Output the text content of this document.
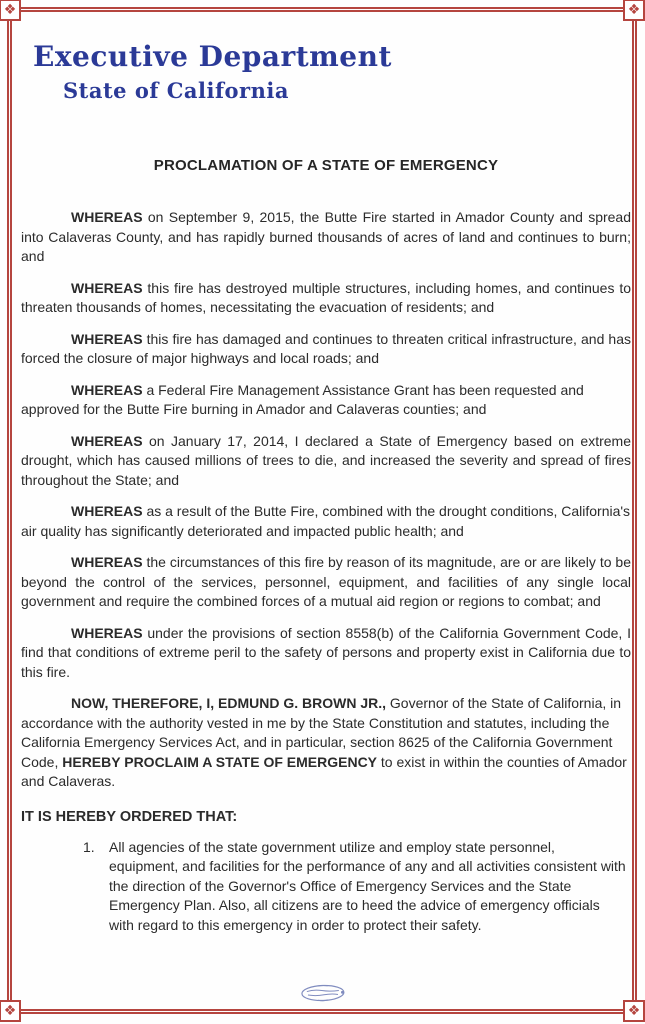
❖	❖
❖	❖
Executive Department
State of California
PROCLAMATION OF A STATE OF EMERGENCY

WHEREAS on September 9, 2015, the Butte Fire started in Amador County and spread into Calaveras County, and has rapidly burned thousands of acres of land and continues to burn; and

WHEREAS this fire has destroyed multiple structures, including homes, and continues to threaten thousands of homes, necessitating the evacuation of residents; and

WHEREAS this fire has damaged and continues to threaten critical infrastructure, and has forced the closure of major highways and local roads; and

WHEREAS a Federal Fire Management Assistance Grant has been requested and approved for the Butte Fire burning in Amador and Calaveras counties; and

WHEREAS on January 17, 2014, I declared a State of Emergency based on extreme drought, which has caused millions of trees to die, and increased the severity and spread of fires throughout the State; and

WHEREAS as a result of the Butte Fire, combined with the drought conditions, California's air quality has significantly deteriorated and impacted public health; and

WHEREAS the circumstances of this fire by reason of its magnitude, are or are likely to be beyond the control of the services, personnel, equipment, and facilities of any single local government and require the combined forces of a mutual aid region or regions to combat; and

WHEREAS under the provisions of section 8558(b) of the California Government Code, I find that conditions of extreme peril to the safety of persons and property exist in California due to this fire.

NOW, THEREFORE, I, EDMUND G. BROWN JR., Governor of the State of California, in accordance with the authority vested in me by the State Constitution and statutes, including the California Emergency Services Act, and in particular, section 8625 of the California Government Code, HEREBY PROCLAIM A STATE OF EMERGENCY to exist in within the counties of Amador and Calaveras.

IT IS HEREBY ORDERED THAT:
1.	All agencies of the state government utilize and employ state personnel, equipment, and facilities for the performance of any and all activities consistent with the direction of the Governor's Office of Emergency Services and the State Emergency Plan. Also, all citizens are to heed the advice of emergency officials with regard to this emergency in order to protect their safety.
